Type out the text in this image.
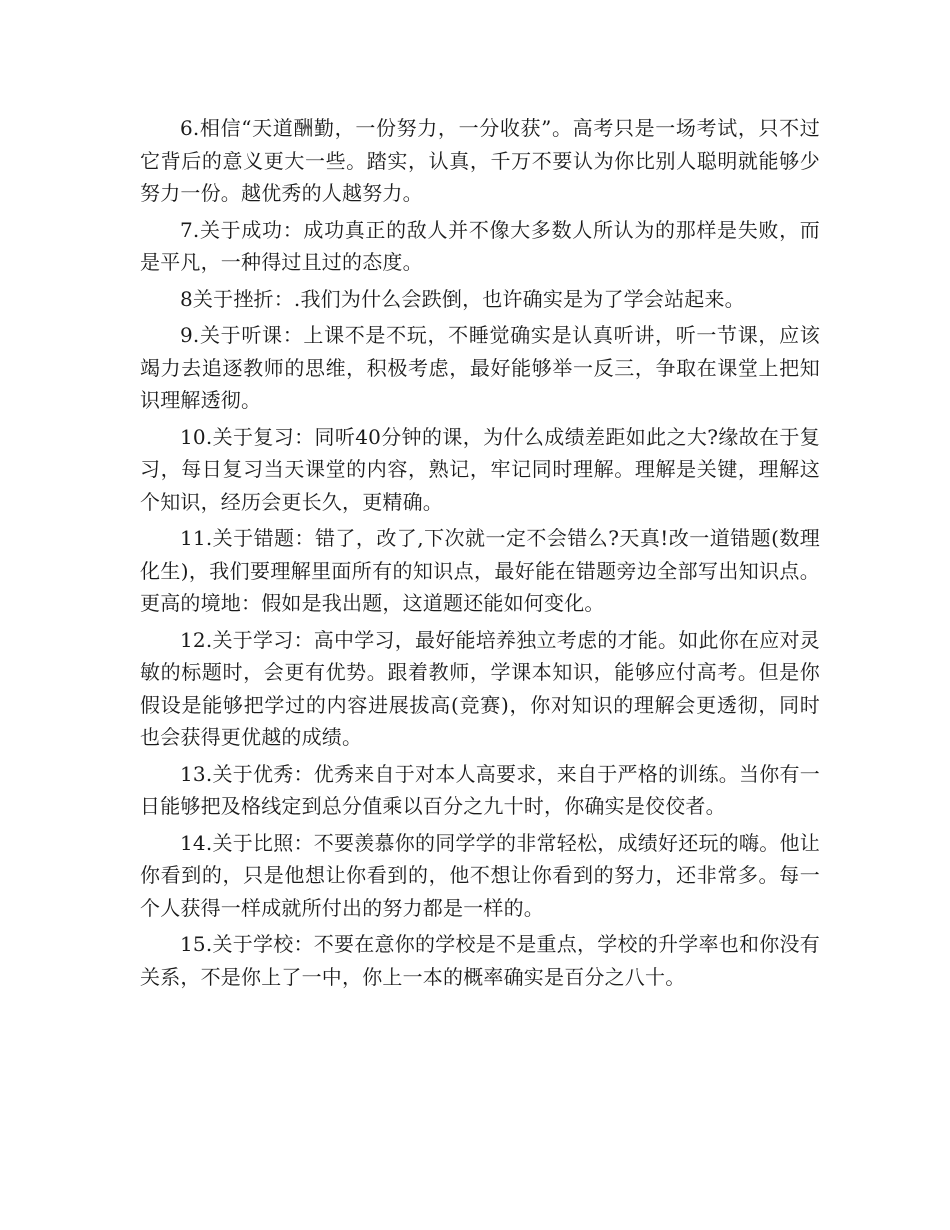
6.相信“天道酬勤，一份努力，一分收获”。高考只是一场考试，只不过它背后的意义更大一些。踏实，认真，千万不要认为你比别人聪明就能够少努力一份。越优秀的人越努力。

7.关于成功：成功真正的敌人并不像大多数人所认为的那样是失败，而是平凡，一种得过且过的态度。

8关于挫折：.我们为什么会跌倒，也许确实是为了学会站起来。

9.关于听课：上课不是不玩，不睡觉确实是认真听讲，听一节课，应该竭力去追逐教师的思维，积极考虑，最好能够举一反三，争取在课堂上把知识理解透彻。

10.关于复习：同听40分钟的课，为什么成绩差距如此之大?缘故在于复习，每日复习当天课堂的内容，熟记，牢记同时理解。理解是关键，理解这个知识，经历会更长久，更精确。

11.关于错题：错了，改了,下次就一定不会错么?天真!改一道错题(数理化生)，我们要理解里面所有的知识点，最好能在错题旁边全部写出知识点。更高的境地：假如是我出题，这道题还能如何变化。

12.关于学习：高中学习，最好能培养独立考虑的才能。如此你在应对灵敏的标题时，会更有优势。跟着教师，学课本知识，能够应付高考。但是你假设是能够把学过的内容进展拔高(竞赛)，你对知识的理解会更透彻，同时也会获得更优越的成绩。

13.关于优秀：优秀来自于对本人高要求，来自于严格的训练。当你有一日能够把及格线定到总分值乘以百分之九十时，你确实是佼佼者。

14.关于比照：不要羡慕你的同学学的非常轻松，成绩好还玩的嗨。他让你看到的，只是他想让你看到的，他不想让你看到的努力，还非常多。每一个人获得一样成就所付出的努力都是一样的。

15.关于学校：不要在意你的学校是不是重点，学校的升学率也和你没有关系，不是你上了一中，你上一本的概率确实是百分之八十。
